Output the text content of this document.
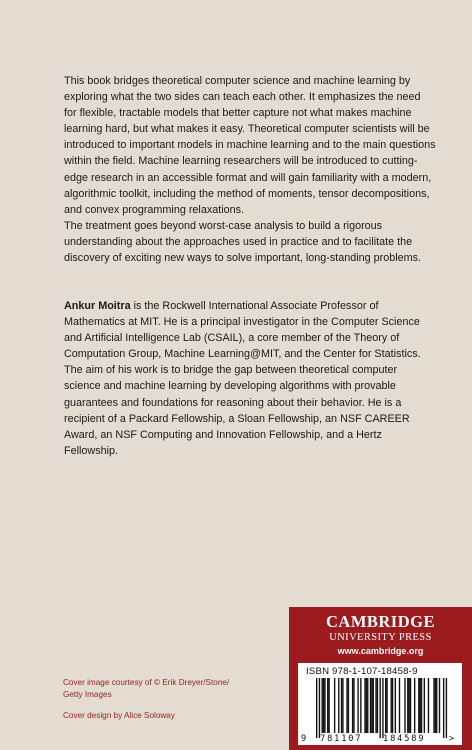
This book bridges theoretical computer science and machine learning by exploring what the two sides can teach each other. It emphasizes the need for flexible, tractable models that better capture not what makes machine learning hard, but what makes it easy. Theoretical computer scientists will be introduced to important models in machine learning and to the main questions within the field. Machine learning researchers will be introduced to cutting-edge research in an accessible format and will gain familiarity with a modern, algorithmic toolkit, including the method of moments, tensor decompositions, and convex programming relaxations.

The treatment goes beyond worst-case analysis to build a rigorous understanding about the approaches used in practice and to facilitate the discovery of exciting new ways to solve important, long-standing problems.

Ankur Moitra is the Rockwell International Associate Professor of Mathematics at MIT. He is a principal investigator in the Computer Science and Artificial Intelligence Lab (CSAIL), a core member of the Theory of Computation Group, Machine Learning@MIT, and the Center for Statistics. The aim of his work is to bridge the gap between theoretical computer science and machine learning by developing algorithms with provable guarantees and foundations for reasoning about their behavior. He is a recipient of a Packard Fellowship, a Sloan Fellowship, an NSF CAREER Award, an NSF Computing and Innovation Fellowship, and a Hertz Fellowship.

Cover image courtesy of © Erik Dreyer/Stone/ Getty Images

Cover design by Alice Soloway

CAMBRIDGE
UNIVERSITY PRESS
www.cambridge.org
ISBN 978-1-107-18458-9
9 781107 184589	>
